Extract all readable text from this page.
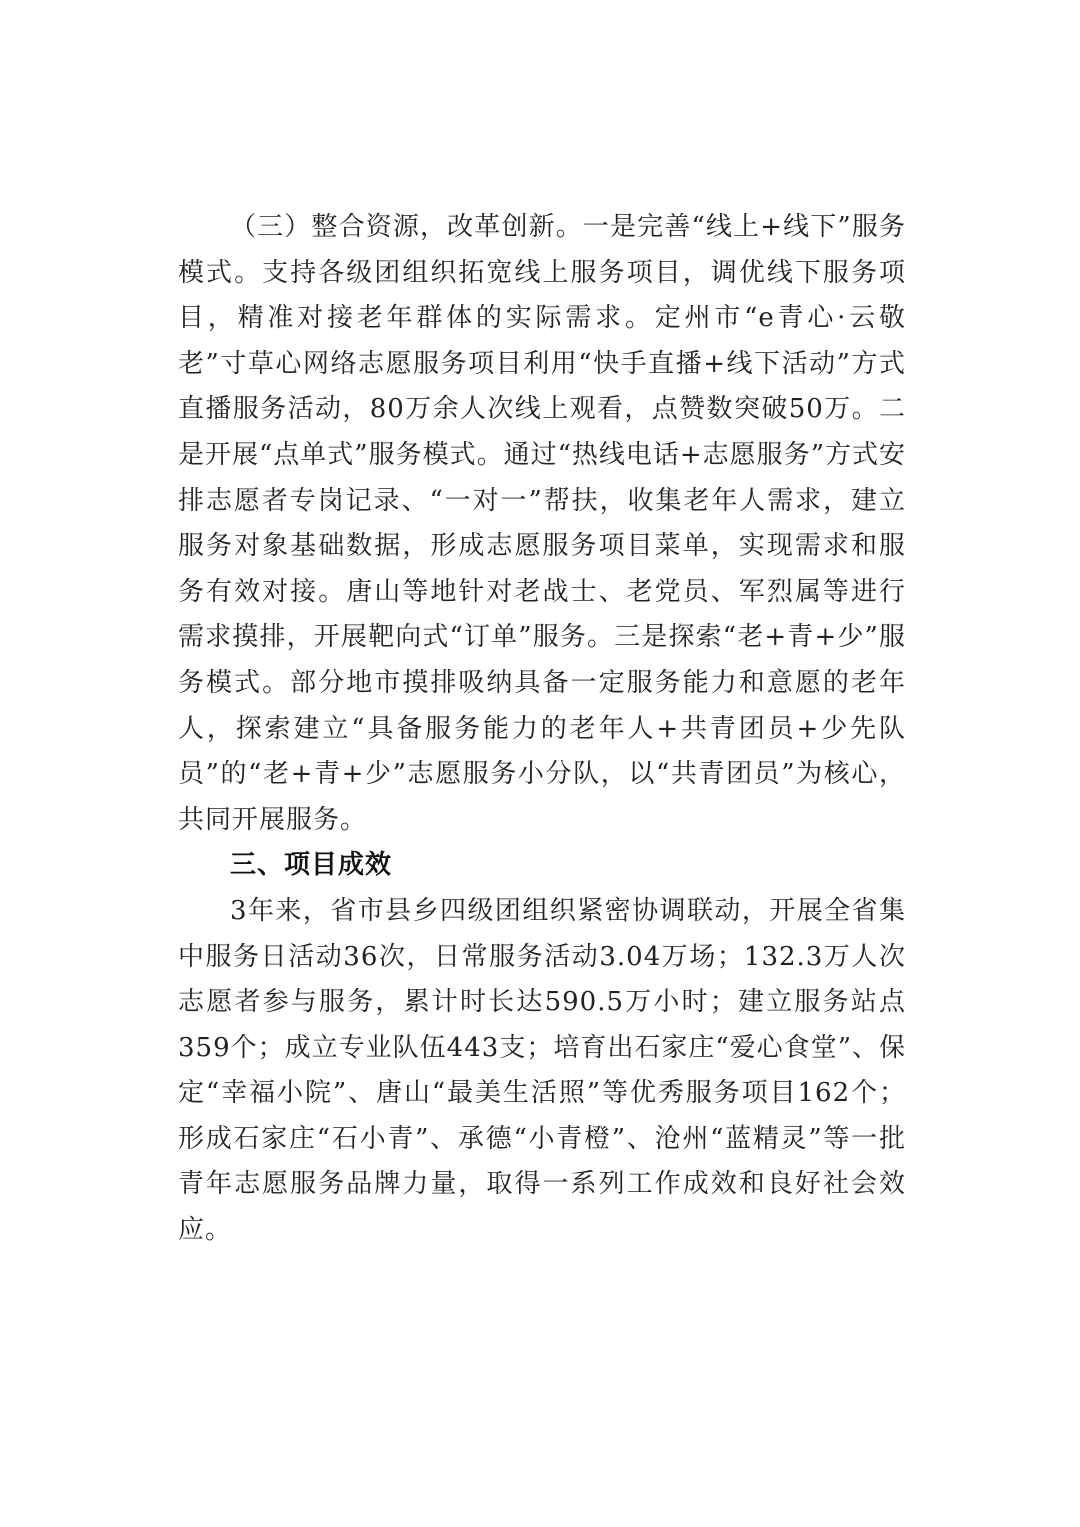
（三）整合资源，改革创新。一是完善“线上+线下”服务模式。支持各级团组织拓宽线上服务项目，调优线下服务项目，精准对接老年群体的实际需求。定州市“e青心·云敬老”寸草心网络志愿服务项目利用“快手直播+线下活动”方式直播服务活动，80万余人次线上观看，点赞数突破50万。二是开展“点单式”服务模式。通过“热线电话+志愿服务”方式安排志愿者专岗记录、“一对一”帮扶，收集老年人需求，建立服务对象基础数据，形成志愿服务项目菜单，实现需求和服务有效对接。唐山等地针对老战士、老党员、军烈属等进行需求摸排，开展靶向式“订单”服务。三是探索“老+青+少”服务模式。部分地市摸排吸纳具备一定服务能力和意愿的老年人，探索建立“具备服务能力的老年人+共青团员+少先队员”的“老+青+少”志愿服务小分队，以“共青团员”为核心，共同开展服务。

三、项目成效

3年来，省市县乡四级团组织紧密协调联动，开展全省集中服务日活动36次，日常服务活动3.04万场；132.3万人次志愿者参与服务，累计时长达590.5万小时；建立服务站点359个；成立专业队伍443支；培育出石家庄“爱心食堂”、保定“幸福小院”、唐山“最美生活照”等优秀服务项目162个；形成石家庄“石小青”、承德“小青橙”、沧州“蓝精灵”等一批青年志愿服务品牌力量，取得一系列工作成效和良好社会效应。
